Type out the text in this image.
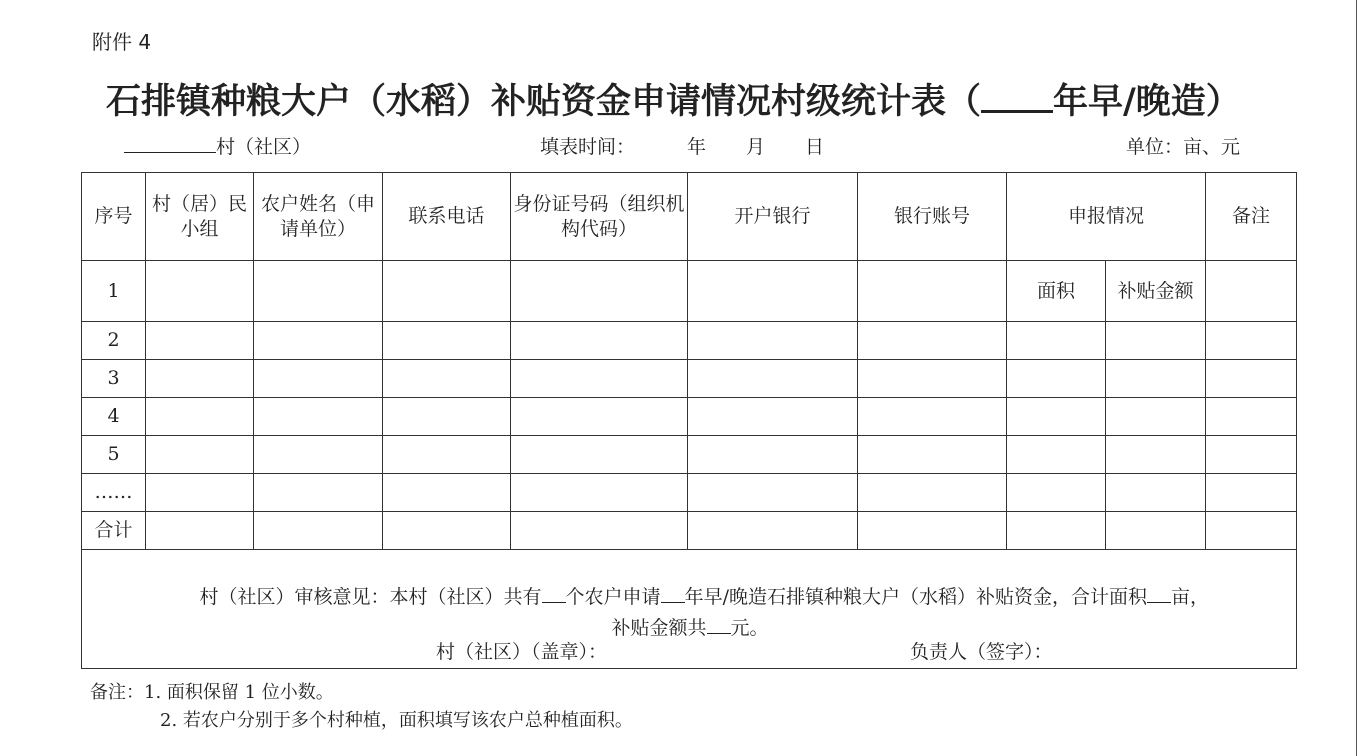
附件 4
石排镇种粮大户（水稻）补贴资金申请情况村级统计表（ 年早/晚造）
村（社区）	填表时间：	年 月 日	单位：亩、元
序号	村（居）民小组	农户姓名（申请单位）	联系电话	身份证号码（组织机构代码）	开户银行	银行账号	申报情况		备注
1							面积	补贴金额	
2									
3									
4									
5									
……									
合计									

  村（社区）审核意见：本村（社区）共有 个农户申请 年早/晚造石排镇种粮大户（水稻）补贴资金，合计面积 亩，
补贴金额共 元。
村（社区）（盖章）： 负责人（签字）：									
备注：1. 面积保留 1 位小数。
2. 若农户分别于多个村种植，面积填写该农户总种植面积。
